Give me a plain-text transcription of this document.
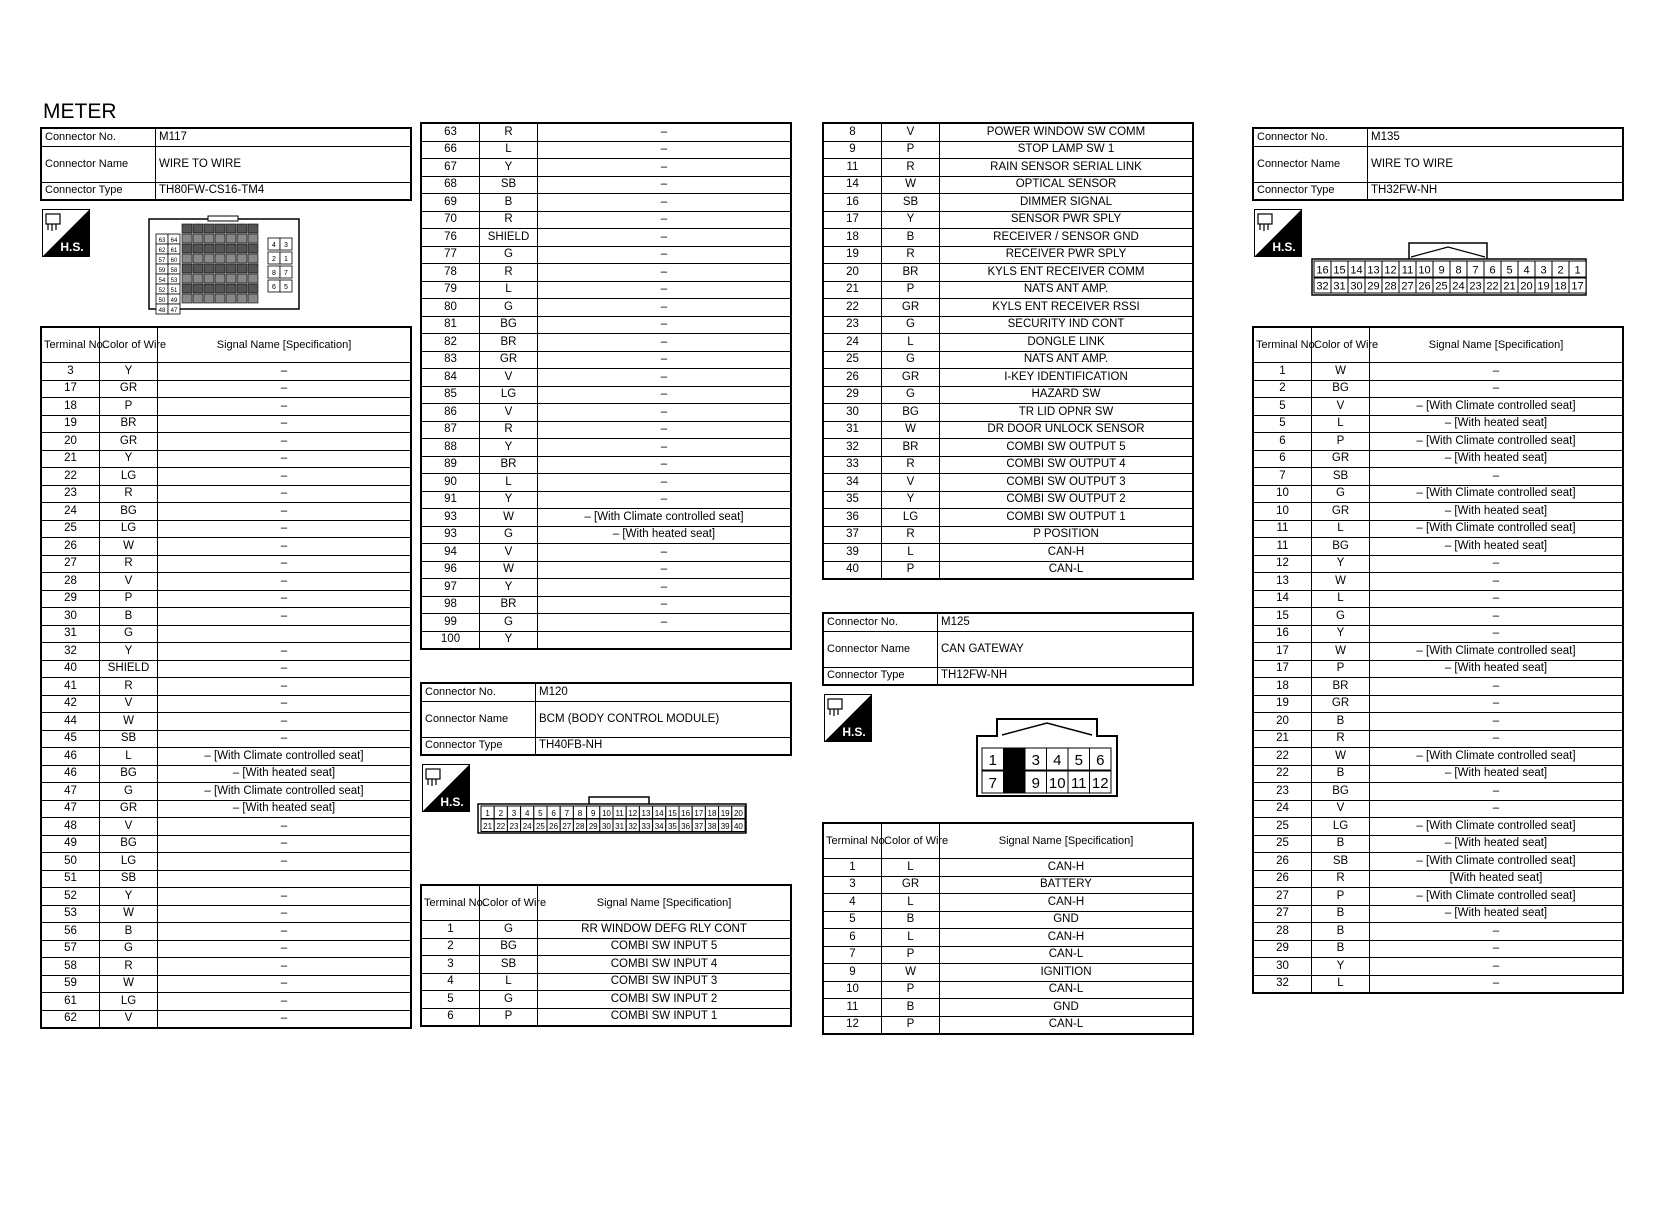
METER
Connector No.	M117
Connector Name	WIRE TO WIRE
Connector Type	TH80FW-CS16-TM4
H.S.	63 64
62 61
57 60
59 58
54 53
52 51
50 49
48 47
4 3
2 1
8 7
6 5
Terminal No.	Color of Wire	Signal Name [Specification]
3	Y	–
17	GR	–
18	P	–
19	BR	–
20	GR	–
21	Y	–
22	LG	–
23	R	–
24	BG	–
25	LG	–
26	W	–
27	R	–
28	V	–
29	P	–
30	B	–
31	G	
32	Y	–
40	SHIELD	–
41	R	–
42	V	–
44	W	–
45	SB	–
46	L	– [With Climate controlled seat]
46	BG	– [With heated seat]
47	G	– [With Climate controlled seat]
47	GR	– [With heated seat]
48	V	–
49	BG	–
50	LG	–
51	SB	
52	Y	–
53	W	–
56	B	–
57	G	–
58	R	–
59	W	–
61	LG	–
62	V	–
63	R	–
66	L	–
67	Y	–
68	SB	–
69	B	–
70	R	–
76	SHIELD	–
77	G	–
78	R	–
79	L	–
80	G	–
81	BG	–
82	BR	–
83	GR	–
84	V	–
85	LG	–
86	V	–
87	R	–
88	Y	–
89	BR	–
90	L	–
91	Y	–
93	W	– [With Climate controlled seat]
93	G	– [With heated seat]
94	V	–
96	W	–
97	Y	–
98	BR	–
99	G	–
100	Y	
Connector No.	M120
Connector Name	BCM (BODY CONTROL MODULE)
Connector Type	TH40FB-NH
H.S.
1 2 3 4 5 6 7 8 9 10 11 12 13 14 15 16 17 18 19 20
21 22 23 24 25 26 27 28 29 30 31 32 33 34 35 36 37 38 39 40
Terminal No.	Color of Wire	Signal Name [Specification]
1	G	RR WINDOW DEFG RLY CONT
2	BG	COMBI SW INPUT 5
3	SB	COMBI SW INPUT 4
4	L	COMBI SW INPUT 3
5	G	COMBI SW INPUT 2
6	P	COMBI SW INPUT 1
8	V	POWER WINDOW SW COMM
9	P	STOP LAMP SW 1
11	R	RAIN SENSOR SERIAL LINK
14	W	OPTICAL SENSOR
16	SB	DIMMER SIGNAL
17	Y	SENSOR PWR SPLY
18	B	RECEIVER / SENSOR GND
19	R	RECEIVER PWR SPLY
20	BR	KYLS ENT RECEIVER COMM
21	P	NATS ANT AMP.
22	GR	KYLS ENT RECEIVER RSSI
23	G	SECURITY IND CONT
24	L	DONGLE LINK
25	G	NATS ANT AMP.
26	GR	I-KEY IDENTIFICATION
29	G	HAZARD SW
30	BG	TR LID OPNR SW
31	W	DR DOOR UNLOCK SENSOR
32	BR	COMBI SW OUTPUT 5
33	R	COMBI SW OUTPUT 4
34	V	COMBI SW OUTPUT 3
35	Y	COMBI SW OUTPUT 2
36	LG	COMBI SW OUTPUT 1
37	R	P POSITION
39	L	CAN-H
40	P	CAN-L
Connector No.	M125
Connector Name	CAN GATEWAY
Connector Type	TH12FW-NH
H.S.
1 3 4 5 6
7 9 10 11 12
Terminal No.	Color of Wire	Signal Name [Specification]
1	L	CAN-H
3	GR	BATTERY
4	L	CAN-H
5	B	GND
6	L	CAN-H
7	P	CAN-L
9	W	IGNITION
10	P	CAN-L
11	B	GND
12	P	CAN-L
Connector No.	M135
Connector Name	WIRE TO WIRE
Connector Type	TH32FW-NH
H.S.
16 15 14 13 12 11 10 9 8 7 6 5 4 3 2 1
32 31 30 29 28 27 26 25 24 23 22 21 20 19 18 17
Terminal No.	Color of Wire	Signal Name [Specification]
1	W	–
2	BG	–
5	V	– [With Climate controlled seat]
5	L	– [With heated seat]
6	P	– [With Climate controlled seat]
6	GR	– [With heated seat]
7	SB	–
10	G	– [With Climate controlled seat]
10	GR	– [With heated seat]
11	L	– [With Climate controlled seat]
11	BG	– [With heated seat]
12	Y	–
13	W	–
14	L	–
15	G	–
16	Y	–
17	W	– [With Climate controlled seat]
17	P	– [With heated seat]
18	BR	–
19	GR	–
20	B	–
21	R	–
22	W	– [With Climate controlled seat]
22	B	– [With heated seat]
23	BG	–
24	V	–
25	LG	– [With Climate controlled seat]
25	B	– [With heated seat]
26	SB	– [With Climate controlled seat]
26	R	[With heated seat]
27	P	– [With Climate controlled seat]
27	B	– [With heated seat]
28	B	–
29	B	–
30	Y	–
32	L	–
